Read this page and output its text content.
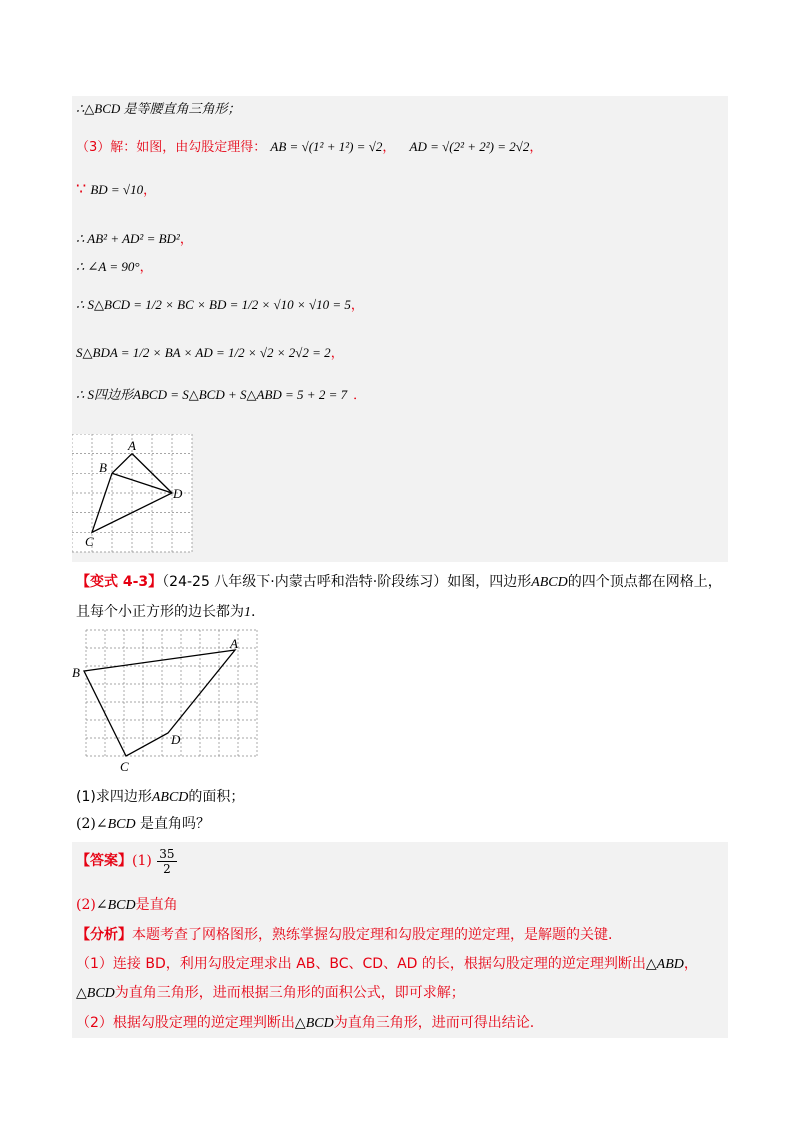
∴△BCD 是等腰直角三角形；
（3）解：如图，由勾股定理得： AB = √(1² + 1²) = √2， AD = √(2² + 2²) = 2√2，
∵ BD = √10，
∴ AB² + AD² = BD²，
∴ ∠A = 90°，
∴ S△BCD = 1/2 × BC × BD = 1/2 × √10 × √10 = 5，
S△BDA = 1/2 × BA × AD = 1/2 × √2 × 2√2 = 2，
∴ S四边形ABCD = S△BCD + S△ABD = 5 + 2 = 7 ．
A
B
C
D
【变式 4-3】（24-25 八年级下·内蒙古呼和浩特·阶段练习）如图，四边形ABCD的四个顶点都在网格上，
且每个小正方形的边长都为1.
A
B
C
D
(1)求四边形ABCD的面积；
(2)∠BCD 是直角吗？
【答案】$(1) \frac{35}{2}$
(2)∠BCD是直角
【分析】本题考查了网格图形，熟练掌握勾股定理和勾股定理的逆定理，是解题的关键.
（1）连接 BD，利用勾股定理求出 AB、BC、CD、AD 的长，根据勾股定理的逆定理判断出△ABD，
△BCD为直角三角形，进而根据三角形的面积公式，即可求解；
（2）根据勾股定理的逆定理判断出△BCD为直角三角形，进而可得出结论.
